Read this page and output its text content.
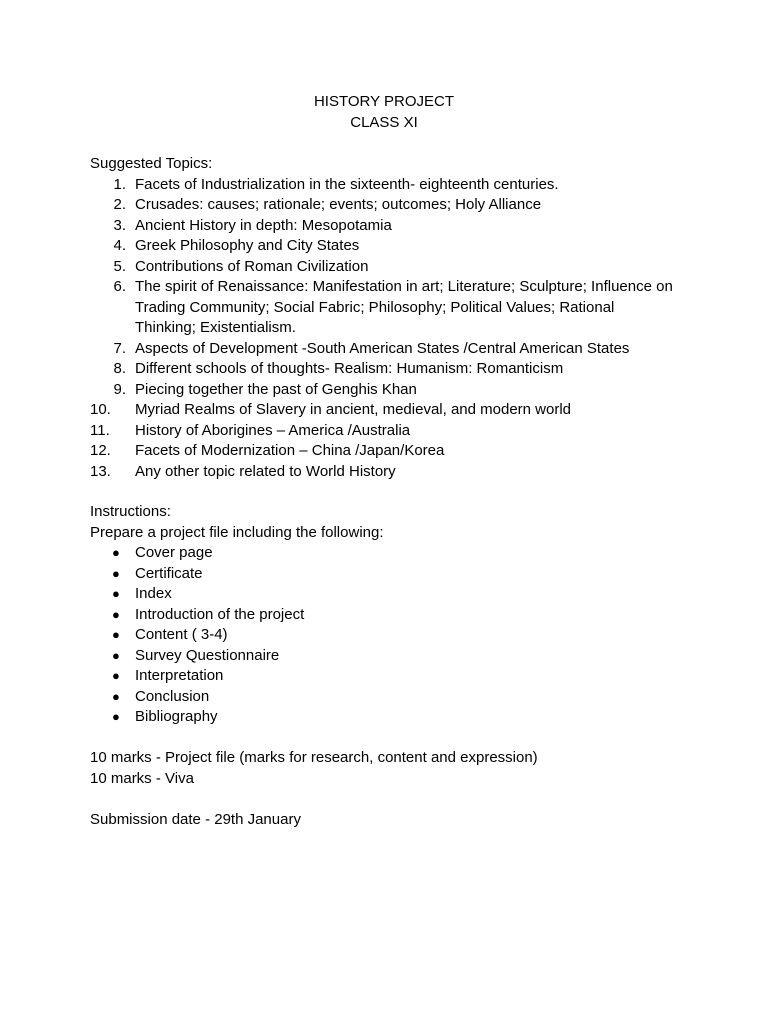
HISTORY PROJECT
CLASS XI
Suggested Topics:
1. Facets of Industrialization in the sixteenth- eighteenth centuries.
2. Crusades: causes; rationale; events; outcomes; Holy Alliance
3. Ancient History in depth: Mesopotamia
4. Greek Philosophy and City States
5. Contributions of Roman Civilization
6. The spirit of Renaissance: Manifestation in art; Literature; Sculpture; Influence on
Trading Community; Social Fabric; Philosophy; Political Values; Rational
Thinking; Existentialism.
7. Aspects of Development -South American States /Central American States
8. Different schools of thoughts- Realism: Humanism: Romanticism
9. Piecing together the past of Genghis Khan
10.	Myriad Realms of Slavery in ancient, medieval, and modern world
11.	History of Aborigines – America /Australia
12.	Facets of Modernization – China /Japan/Korea
13.	Any other topic related to World History
Instructions:
Prepare a project file including the following:
● Cover page
● Certificate
● Index
● Introduction of the project
● Content ( 3-4)
● Survey Questionnaire
● Interpretation
● Conclusion
● Bibliography
10 marks - Project file (marks for research, content and expression)
10 marks - Viva
Submission date - 29th January
